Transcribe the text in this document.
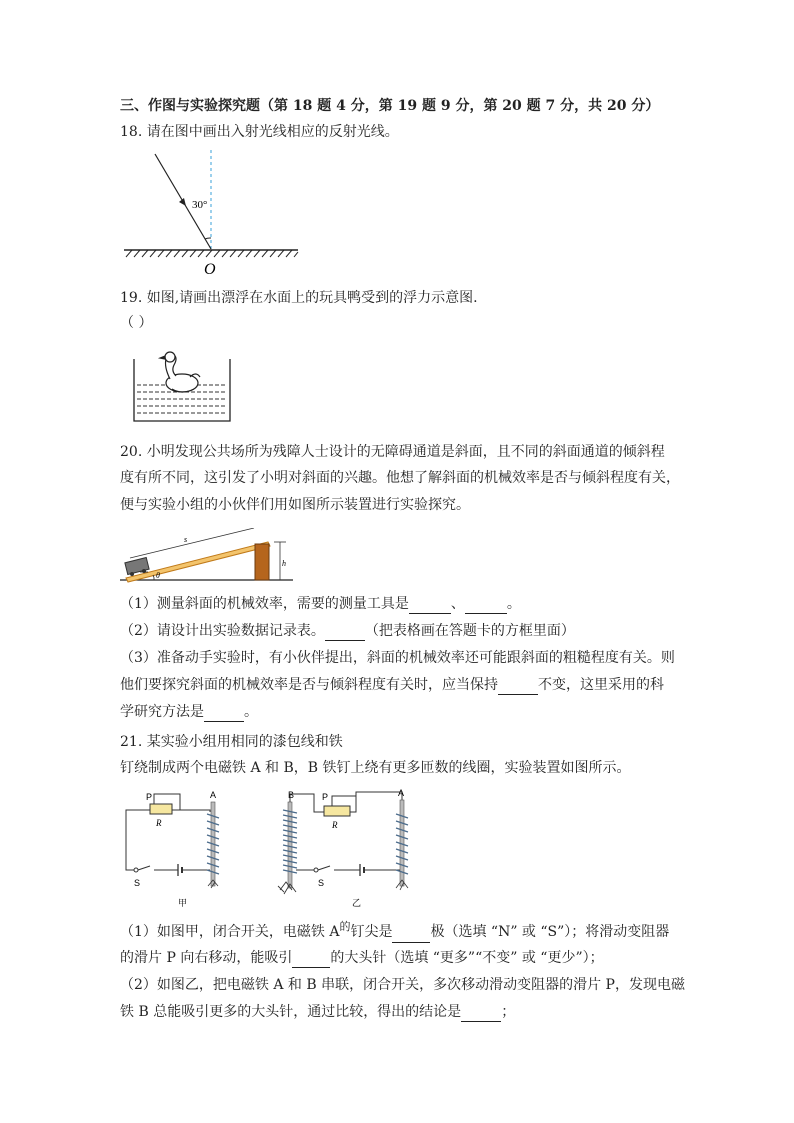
三、作图与实验探究题（第 18 题 4 分，第 19 题 9 分，第 20 题 7 分，共 20 分）
18. 请在图中画出入射光线相应的反射光线。
30°
O
19. 如图,请画出漂浮在水面上的玩具鸭受到的浮力示意图.
（ ）
20. 小明发现公共场所为残障人士设计的无障碍通道是斜面，且不同的斜面通道的倾斜程
度有所不同，这引发了小明对斜面的兴趣。他想了解斜面的机械效率是否与倾斜程度有关，
便与实验小组的小伙伴们用如图所示装置进行实验探究。
s
h
θ
（1）测量斜面的机械效率，需要的测量工具是	、	。
（2）请设计出实验数据记录表。	（把表格画在答题卡的方框里面）
（3）准备动手实验时，有小伙伴提出，斜面的机械效率还可能跟斜面的粗糙程度有关。则
他们要探究斜面的机械效率是否与倾斜程度有关时，应当保持	不变，这里采用的科
学研究方法是	。
21. 某实验小组用相同的漆包线和铁
钉绕制成两个电磁铁 A 和 B，B 铁钉上绕有更多匝数的线圈，实验装置如图所示。
P
R
S
A
甲
B	P
R
S
A
乙
（1）如图甲，闭合开关，电磁铁 $A^的$钉尖是	极（选填 “N” 或 “S”）；将滑动变阻器
的滑片 P 向右移动，能吸引	的大头针（选填 “更多”“不变” 或 “更少”）；
（2）如图乙，把电磁铁 A 和 B 串联，闭合开关，多次移动滑动变阻器的滑片 P，发现电磁
铁 B 总能吸引更多的大头针，通过比较，得出的结论是	；
